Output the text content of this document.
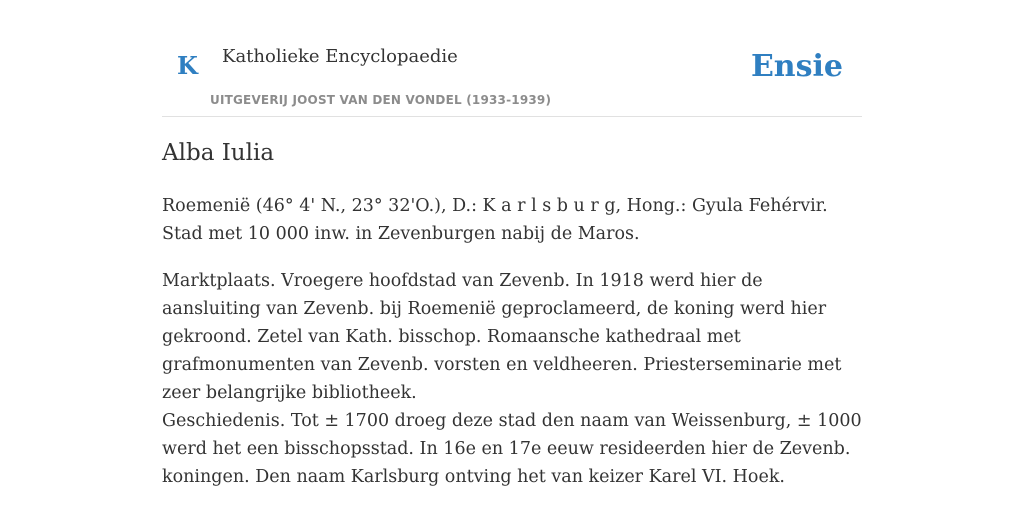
K Katholieke Encyclopaedie
UITGEVERIJ JOOST VAN DEN VONDEL (1933-1939)
Ensie
Alba Iulia

Roemenië (46° 4' N., 23° 32'O.), D.: K a r l s b u r g, Hong.: Gyula Fehérvir. Stad met 10 000 inw. in Zevenburgen nabij de Maros.

Marktplaats. Vroegere hoofdstad van Zevenb. In 1918 werd hier de aansluiting van Zevenb. bij Roemenië geproclameerd, de koning werd hier gekroond. Zetel van Kath. bisschop. Romaansche kathedraal met grafmonumenten van Zevenb. vorsten en veldheeren. Priesterseminarie met zeer belangrijke bibliotheek.

Geschiedenis. Tot ± 1700 droeg deze stad den naam van Weissenburg, ± 1000 werd het een bisschopsstad. In 16e en 17e eeuw resideerden hier de Zevenb. koningen. Den naam Karlsburg ontving het van keizer Karel VI. Hoek.
